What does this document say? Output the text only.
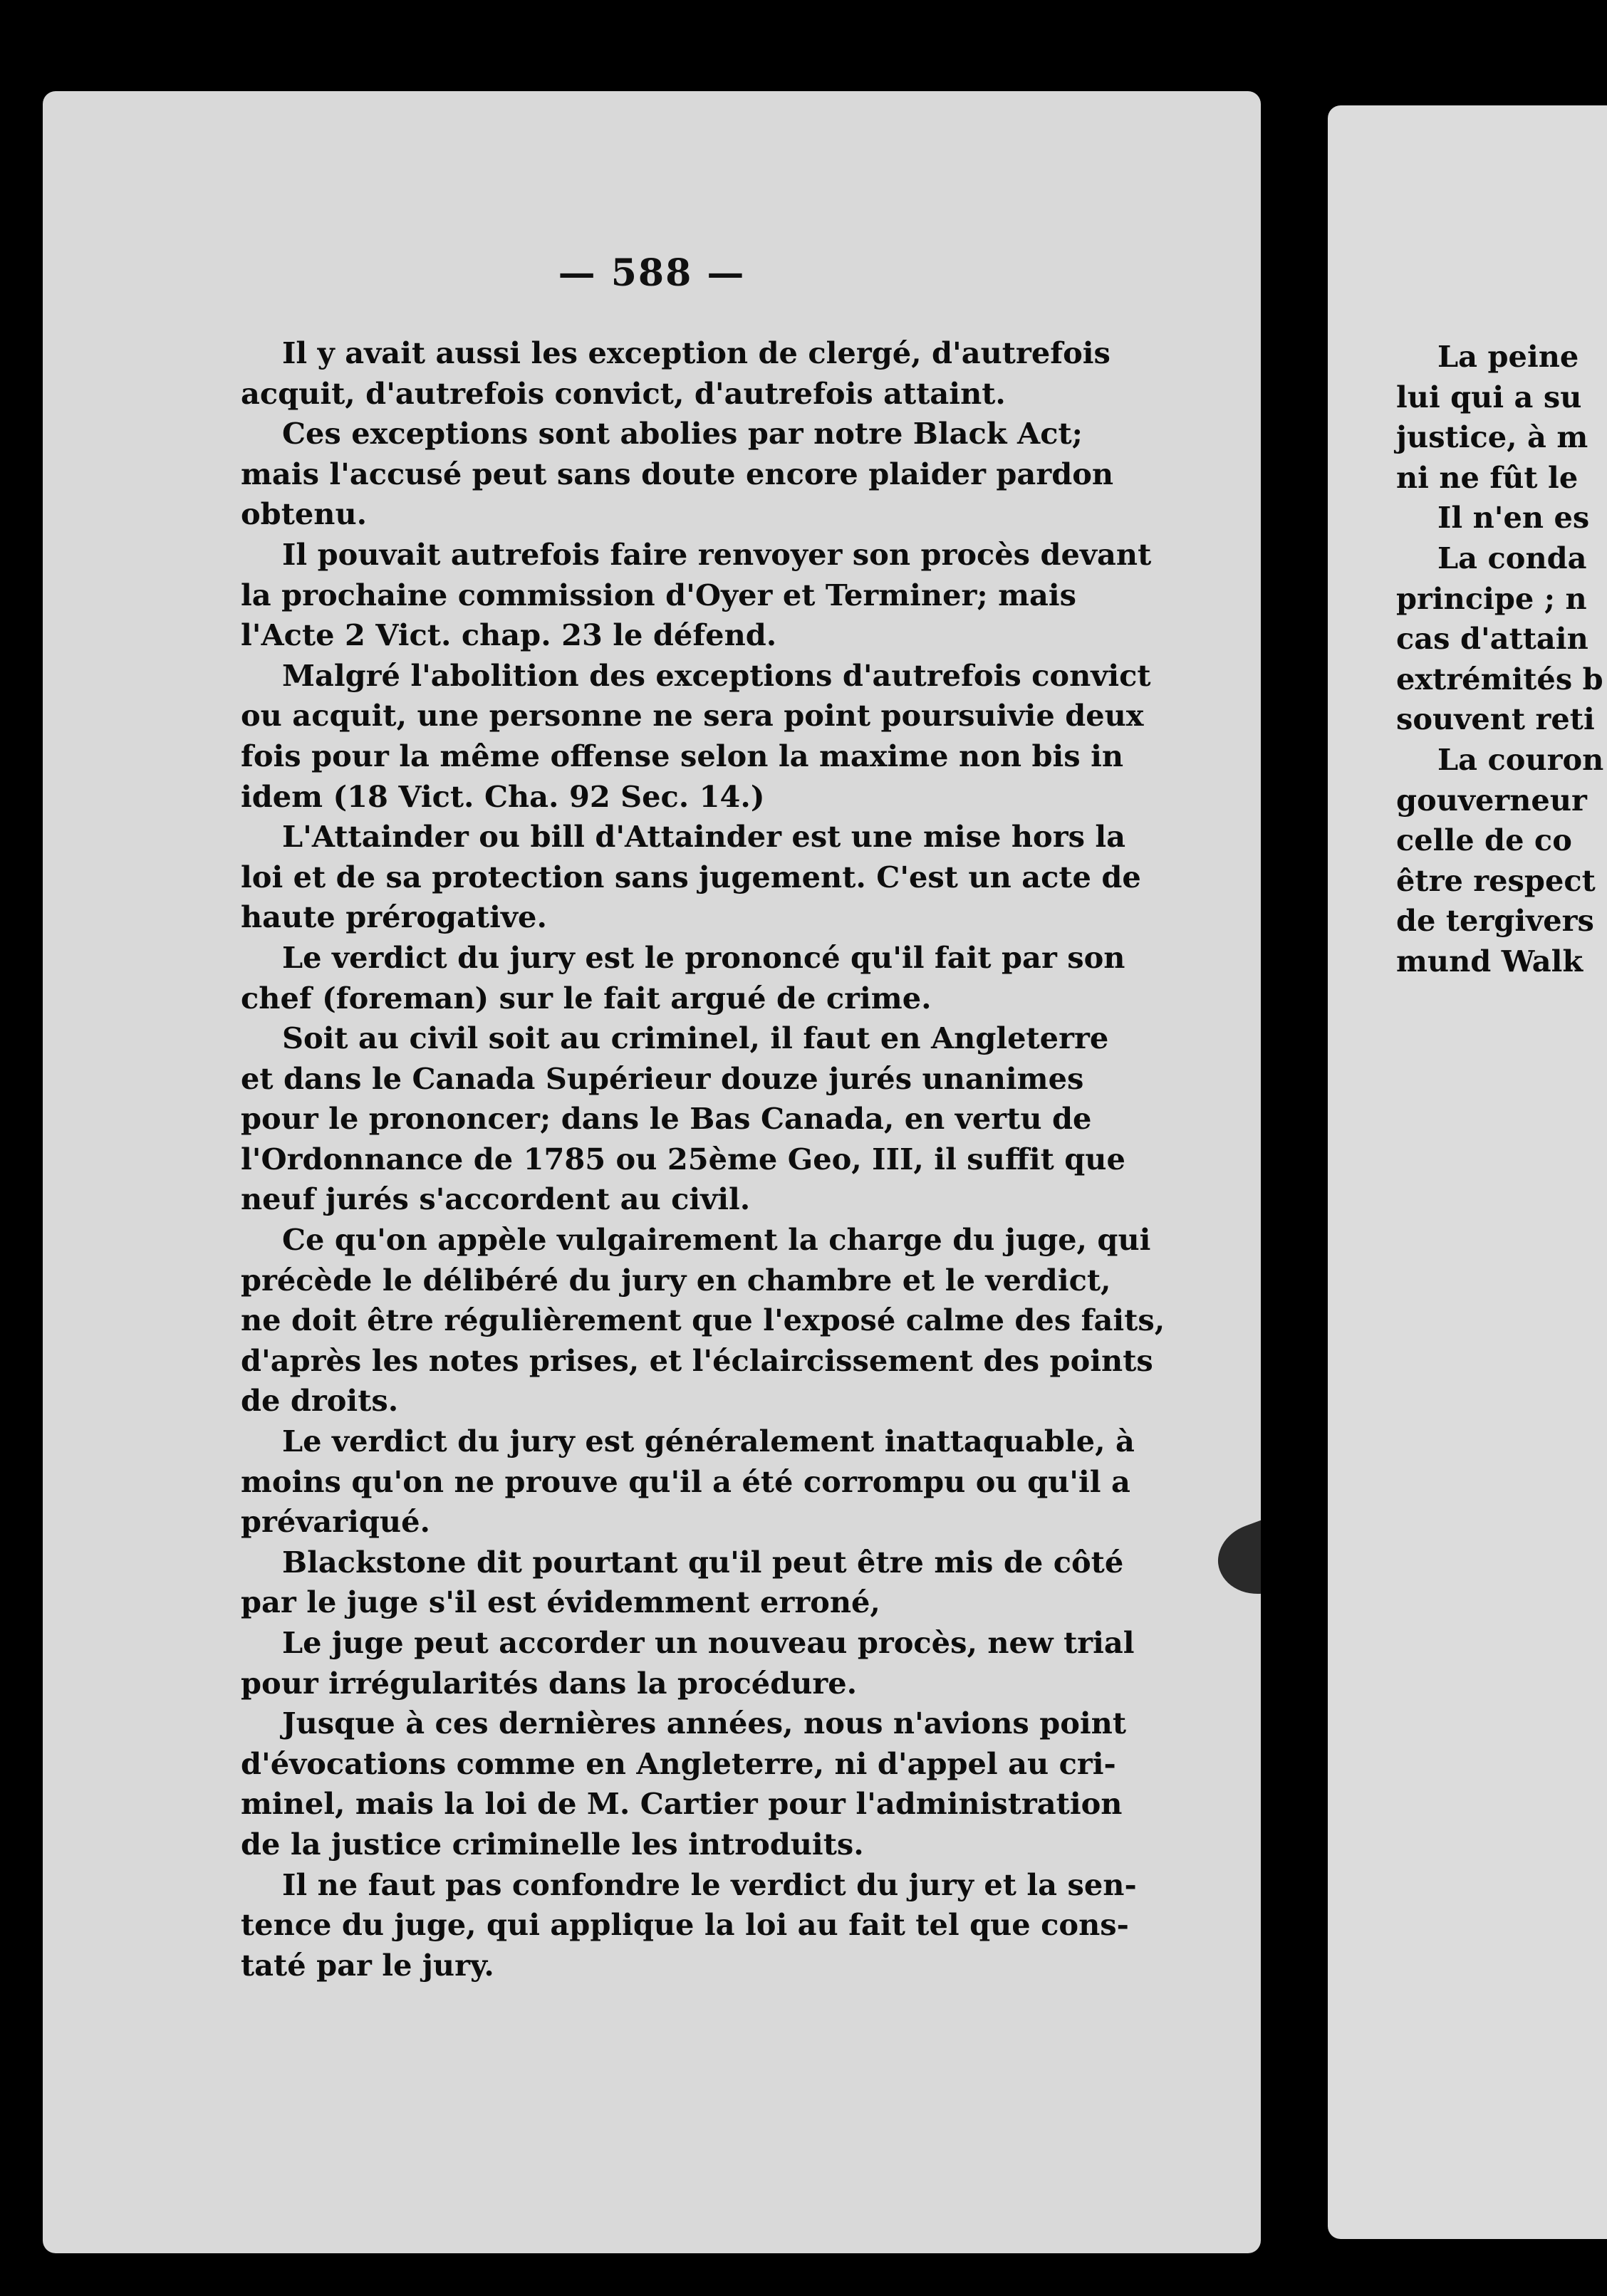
— 588 —
Il y avait aussi les exception de clergé, d'autrefois
acquit, d'autrefois convict, d'autrefois attaint.
Ces exceptions sont abolies par notre Black Act;
mais l'accusé peut sans doute encore plaider pardon
obtenu.
Il pouvait autrefois faire renvoyer son procès devant
la prochaine commission d'Oyer et Terminer; mais
l'Acte 2 Vict. chap. 23 le défend.
Malgré l'abolition des exceptions d'autrefois convict
ou acquit, une personne ne sera point poursuivie deux
fois pour la même offense selon la maxime non bis in
idem (18 Vict. Cha. 92 Sec. 14.)
L'Attainder ou bill d'Attainder est une mise hors la
loi et de sa protection sans jugement. C'est un acte de
haute prérogative.
Le verdict du jury est le prononcé qu'il fait par son
chef (foreman) sur le fait argué de crime.
Soit au civil soit au criminel, il faut en Angleterre
et dans le Canada Supérieur douze jurés unanimes
pour le prononcer; dans le Bas Canada, en vertu de
l'Ordonnance de 1785 ou 25ème Geo, III, il suffit que
neuf jurés s'accordent au civil.
Ce qu'on appèle vulgairement la charge du juge, qui
précède le délibéré du jury en chambre et le verdict,
ne doit être régulièrement que l'exposé calme des faits,
d'après les notes prises, et l'éclaircissement des points
de droits.
Le verdict du jury est généralement inattaquable, à
moins qu'on ne prouve qu'il a été corrompu ou qu'il a
prévariqué.
Blackstone dit pourtant qu'il peut être mis de côté
par le juge s'il est évidemment erroné,
Le juge peut accorder un nouveau procès, new trial
pour irrégularités dans la procédure.
Jusque à ces dernières années, nous n'avions point
d'évocations comme en Angleterre, ni d'appel au cri-
minel, mais la loi de M. Cartier pour l'administration
de la justice criminelle les introduits.
Il ne faut pas confondre le verdict du jury et la sen-
tence du juge, qui applique la loi au fait tel que cons-
taté par le jury.
La peine
lui qui a su
justice, à m
ni ne fût le
Il n'en es
La conda
principe ; n
cas d'attain
extrémités b
souvent reti
La couron
gouverneur
celle de co
être respect
de tergivers
mund Walk
